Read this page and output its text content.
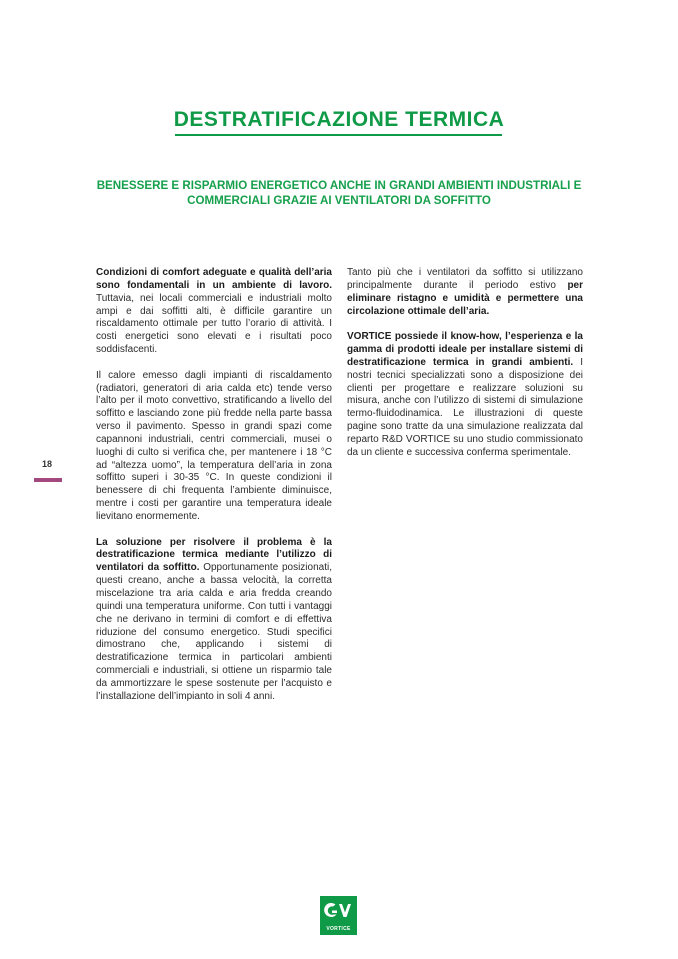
DESTRATIFICAZIONE TERMICA
BENESSERE E RISPARMIO ENERGETICO ANCHE IN GRANDI AMBIENTI INDUSTRIALI E COMMERCIALI GRAZIE AI VENTILATORI DA SOFFITTO

Condizioni di comfort adeguate e qualità dell’aria sono fondamentali in un ambiente di lavoro. Tuttavia, nei locali commerciali e industriali molto ampi e dai soffitti alti, è difficile garantire un riscaldamento ottimale per tutto l’orario di attività. I costi energetici sono elevati e i risultati poco soddisfacenti.

Il calore emesso dagli impianti di riscaldamento (radiatori, generatori di aria calda etc) tende verso l’alto per il moto convettivo, stratificando a livello del soffitto e lasciando zone più fredde nella parte bassa verso il pavimento. Spesso in grandi spazi come capannoni industriali, centri commerciali, musei o luoghi di culto si verifica che, per mantenere i 18 °C ad “altezza uomo”, la temperatura dell’aria in zona soffitto superi i 30-35 °C. In queste condizioni il benessere di chi frequenta l’ambiente diminuisce, mentre i costi per garantire una temperatura ideale lievitano enormemente.

La soluzione per risolvere il problema è la destratificazione termica mediante l’utilizzo di ventilatori da soffitto. Opportunamente posizionati, questi creano, anche a bassa velocità, la corretta miscelazione tra aria calda e aria fredda creando quindi una temperatura uniforme. Con tutti i vantaggi che ne derivano in termini di comfort e di effettiva riduzione del consumo energetico. Studi specifici dimostrano che, applicando i sistemi di destratificazione termica in particolari ambienti commerciali e industriali, si ottiene un risparmio tale da ammortizzare le spese sostenute per l’acquisto e l’installazione dell’impianto in soli 4 anni.

Tanto più che i ventilatori da soffitto si utilizzano principalmente durante il periodo estivo per eliminare ristagno e umidità e permettere una circolazione ottimale dell’aria.

VORTICE possiede il know-how, l’esperienza e la gamma di prodotti ideale per installare sistemi di destratificazione termica in grandi ambienti. I nostri tecnici specializzati sono a disposizione dei clienti per progettare e realizzare soluzioni su misura, anche con l’utilizzo di sistemi di simulazione termo-fluidodinamica. Le illustrazioni di queste pagine sono tratte da una simulazione realizzata dal reparto R&D VORTICE su uno studio commissionato da un cliente e successiva conferma sperimentale.

18
VORTICE
